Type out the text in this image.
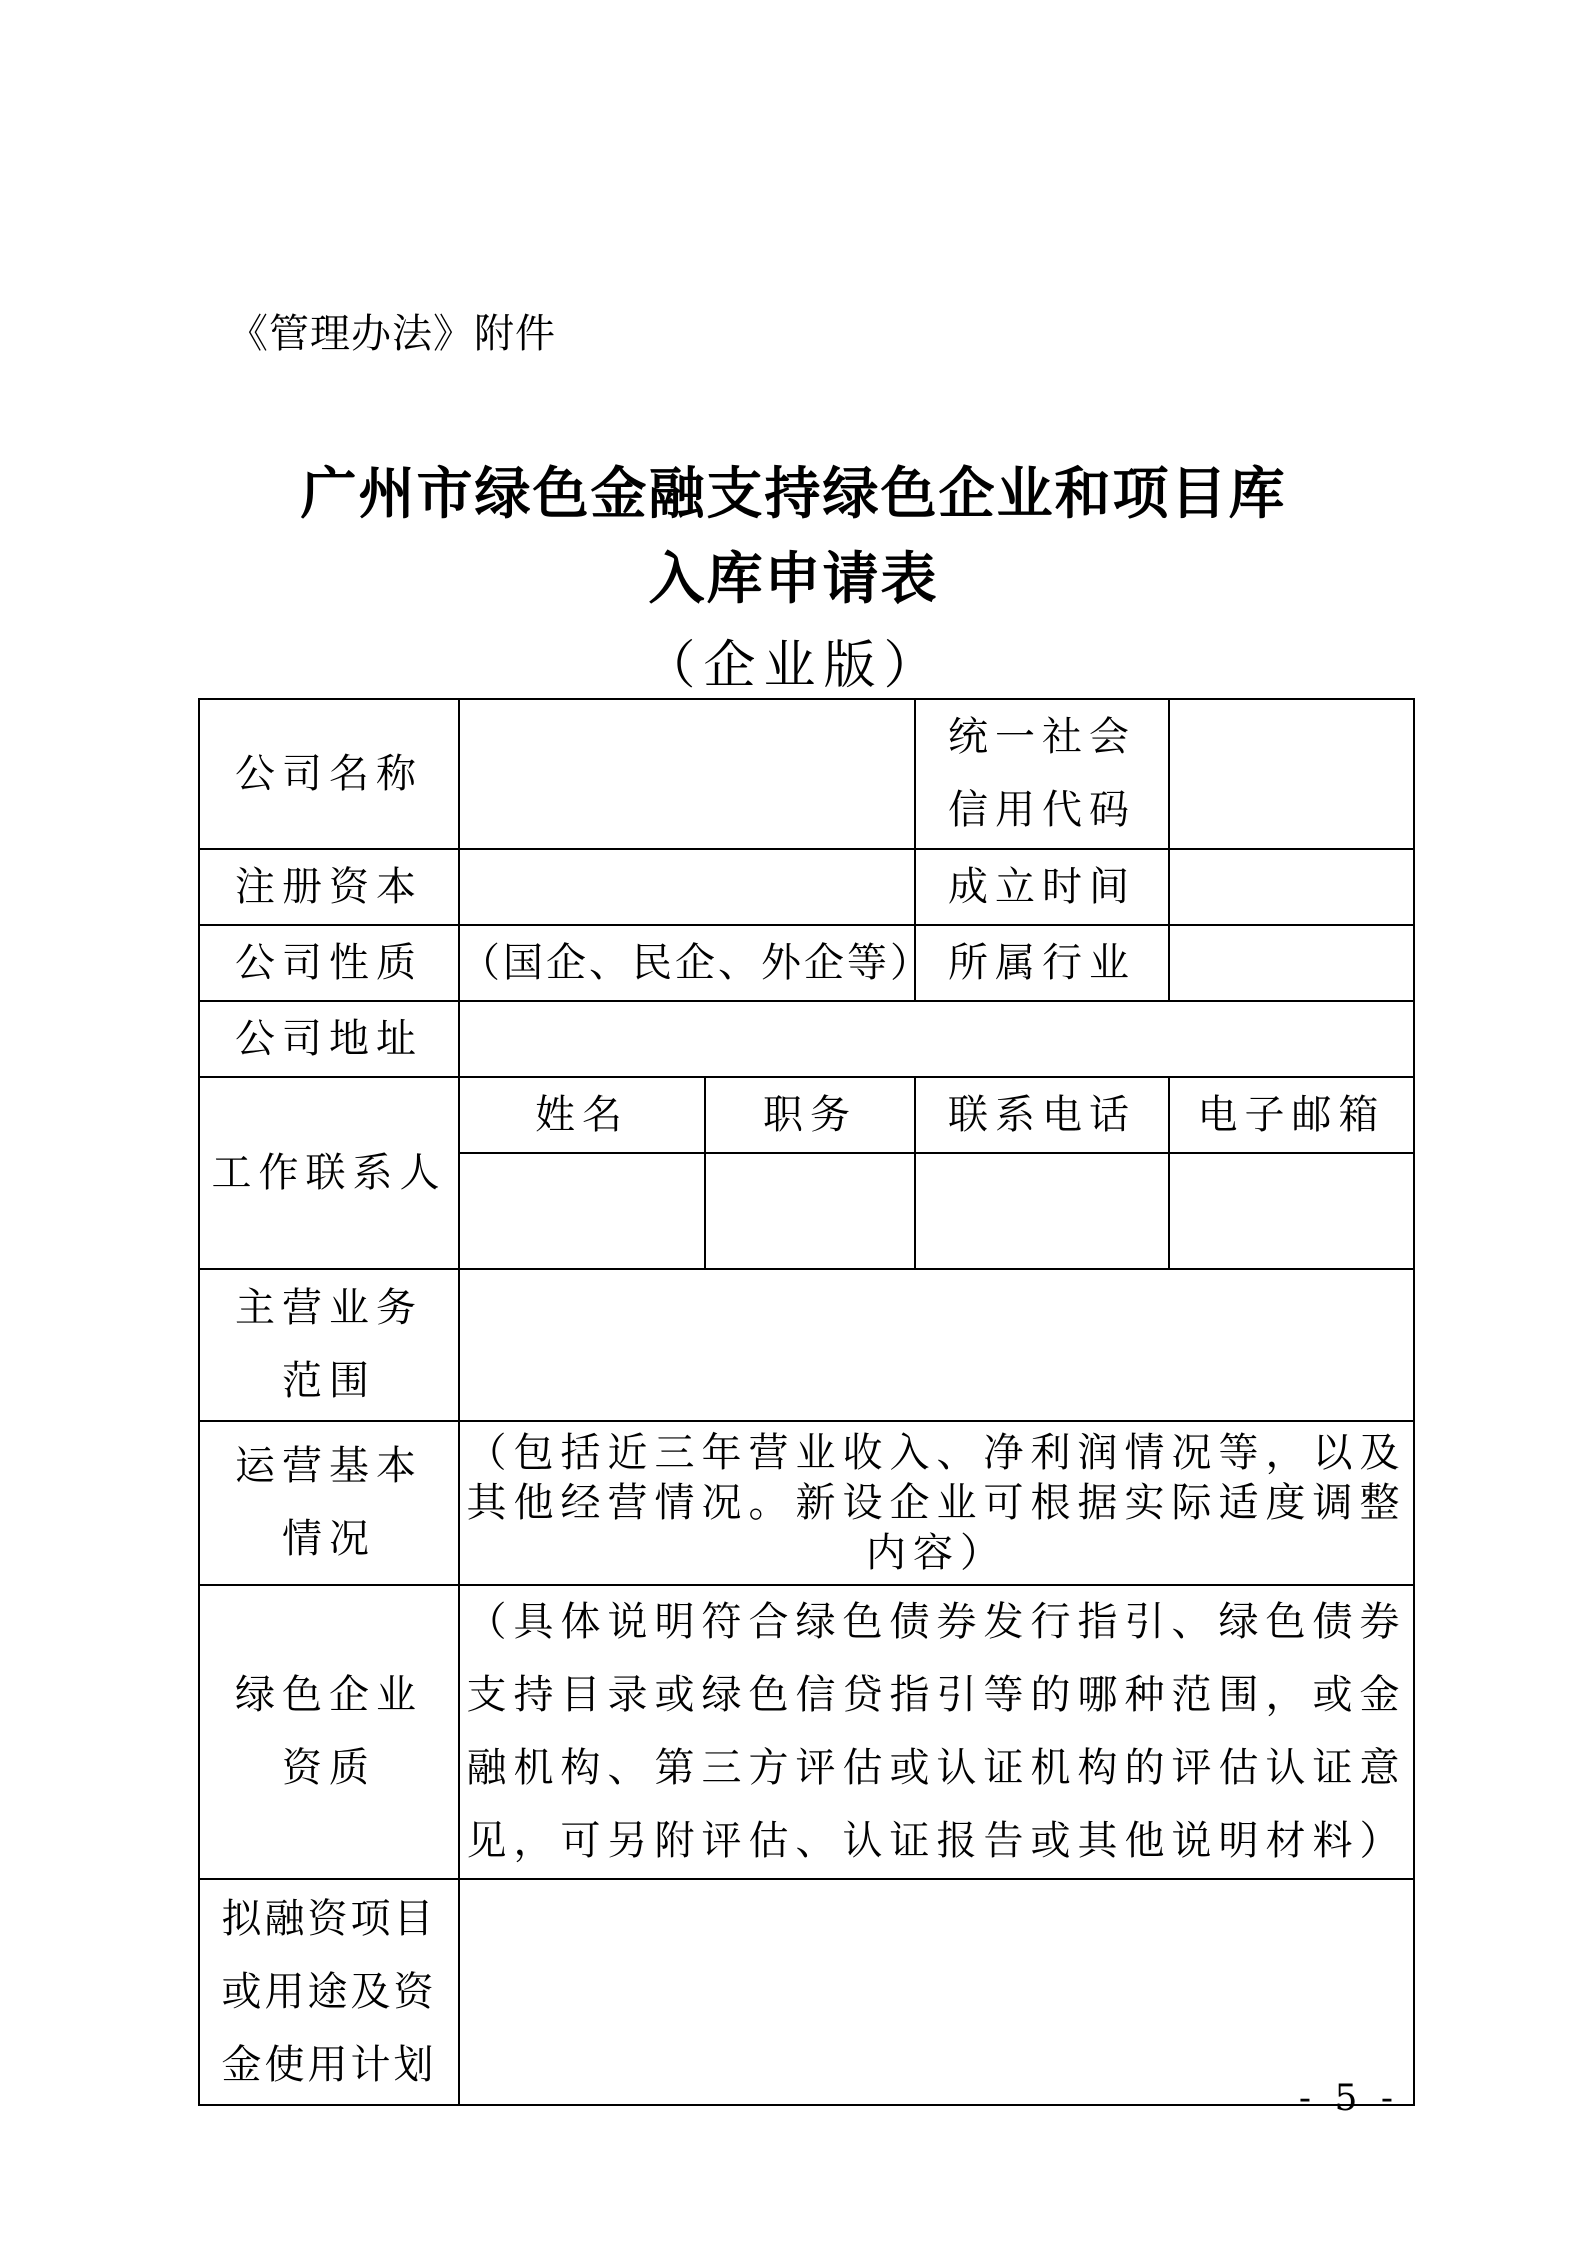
《管理办法》附件
广州市绿色金融支持绿色企业和项目库
入库申请表
（企业版）
公司名称			统一社会
信用代码	

注册资本			成立时间	
公司性质	（国企、民企、外企等）		所属行业	
公司地址				
工作联系人	姓名	职务	联系电话	电子邮箱

主营业务
范围				

运营基本
情况	（包括近三年营业收入、净利润情况等，以及其他经营情况。新设企业可根据实际适度调整内容）			

绿色企业
资质	（具体说明符合绿色债券发行指引、绿色债券支持目录或绿色信贷指引等的哪种范围，或金融机构、第三方评估或认证机构的评估认证意见，可另附评估、认证报告或其他说明材料）			

拟融资项目
或用途及资
金使用计划				

- 5 -
